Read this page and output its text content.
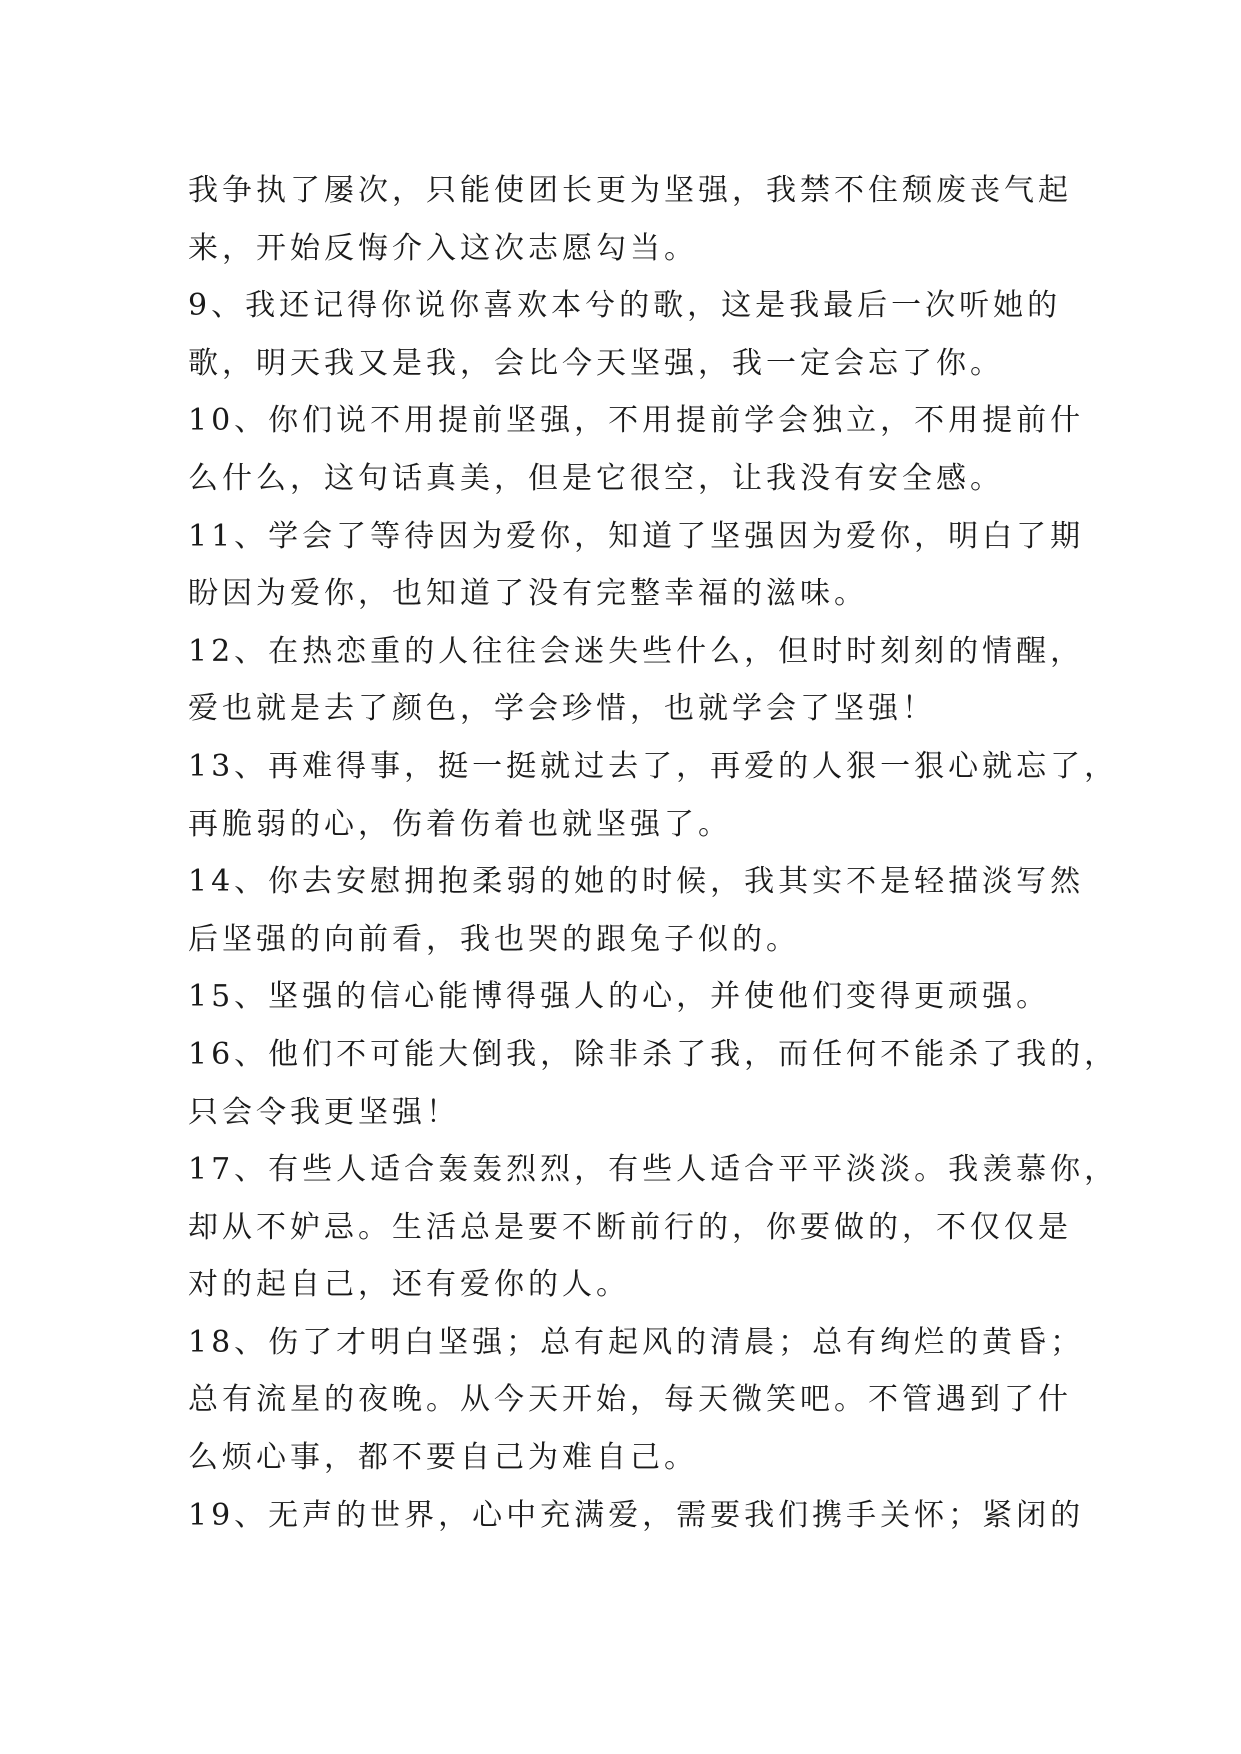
我争执了屡次，只能使团长更为坚强，我禁不住颓废丧气起
来，开始反悔介入这次志愿勾当。
9、我还记得你说你喜欢本兮的歌，这是我最后一次听她的
歌，明天我又是我，会比今天坚强，我一定会忘了你。
10、你们说不用提前坚强，不用提前学会独立，不用提前什
么什么，这句话真美，但是它很空，让我没有安全感。
11、学会了等待因为爱你，知道了坚强因为爱你，明白了期
盼因为爱你，也知道了没有完整幸福的滋味。
12、在热恋重的人往往会迷失些什么，但时时刻刻的情醒，
爱也就是去了颜色，学会珍惜，也就学会了坚强！
13、再难得事，挺一挺就过去了，再爱的人狠一狠心就忘了，
再脆弱的心，伤着伤着也就坚强了。
14、你去安慰拥抱柔弱的她的时候，我其实不是轻描淡写然
后坚强的向前看，我也哭的跟兔子似的。
15、坚强的信心能博得强人的心，并使他们变得更顽强。
16、他们不可能大倒我，除非杀了我，而任何不能杀了我的，
只会令我更坚强！
17、有些人适合轰轰烈烈，有些人适合平平淡淡。我羡慕你，
却从不妒忌。生活总是要不断前行的，你要做的，不仅仅是
对的起自己，还有爱你的人。
18、伤了才明白坚强；总有起风的清晨；总有绚烂的黄昏；
总有流星的夜晚。从今天开始，每天微笑吧。不管遇到了什
么烦心事，都不要自己为难自己。
19、无声的世界，心中充满爱，需要我们携手关怀；紧闭的
